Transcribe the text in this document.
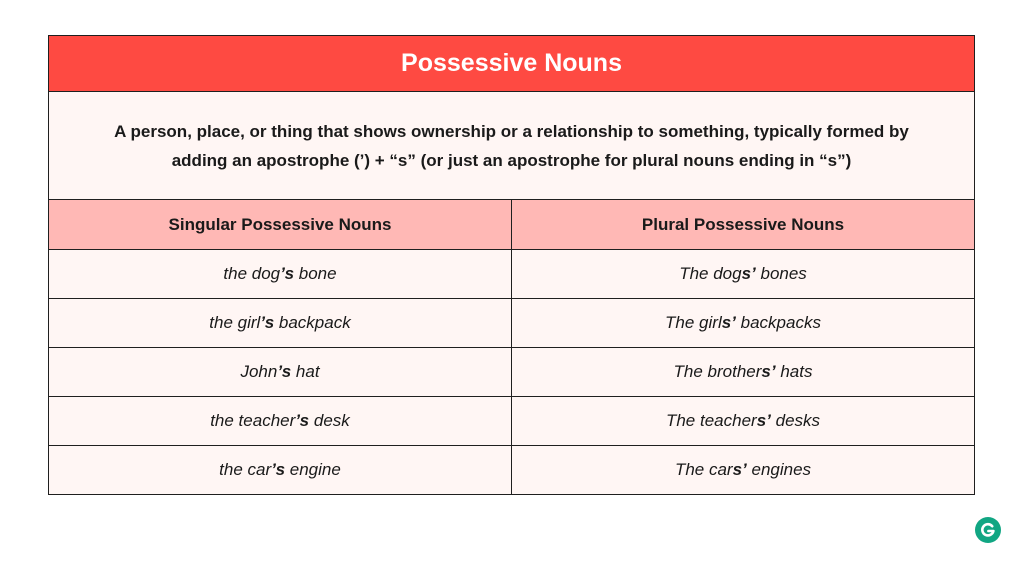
Possessive Nouns
A person, place, or thing that shows ownership or a relationship to something, typically formed by adding an apostrophe (’) + “s” (or just an apostrophe for plural nouns ending in “s”)
Singular Possessive Nouns	Plural Possessive Nouns
the dog ’s bone	The dog s’ bones
the girl ’s backpack	The girl s’ backpacks
John ’s hat	The brother s’ hats
the teacher ’s desk	The teacher s’ desks
the car ’s engine	The car s’ engines
